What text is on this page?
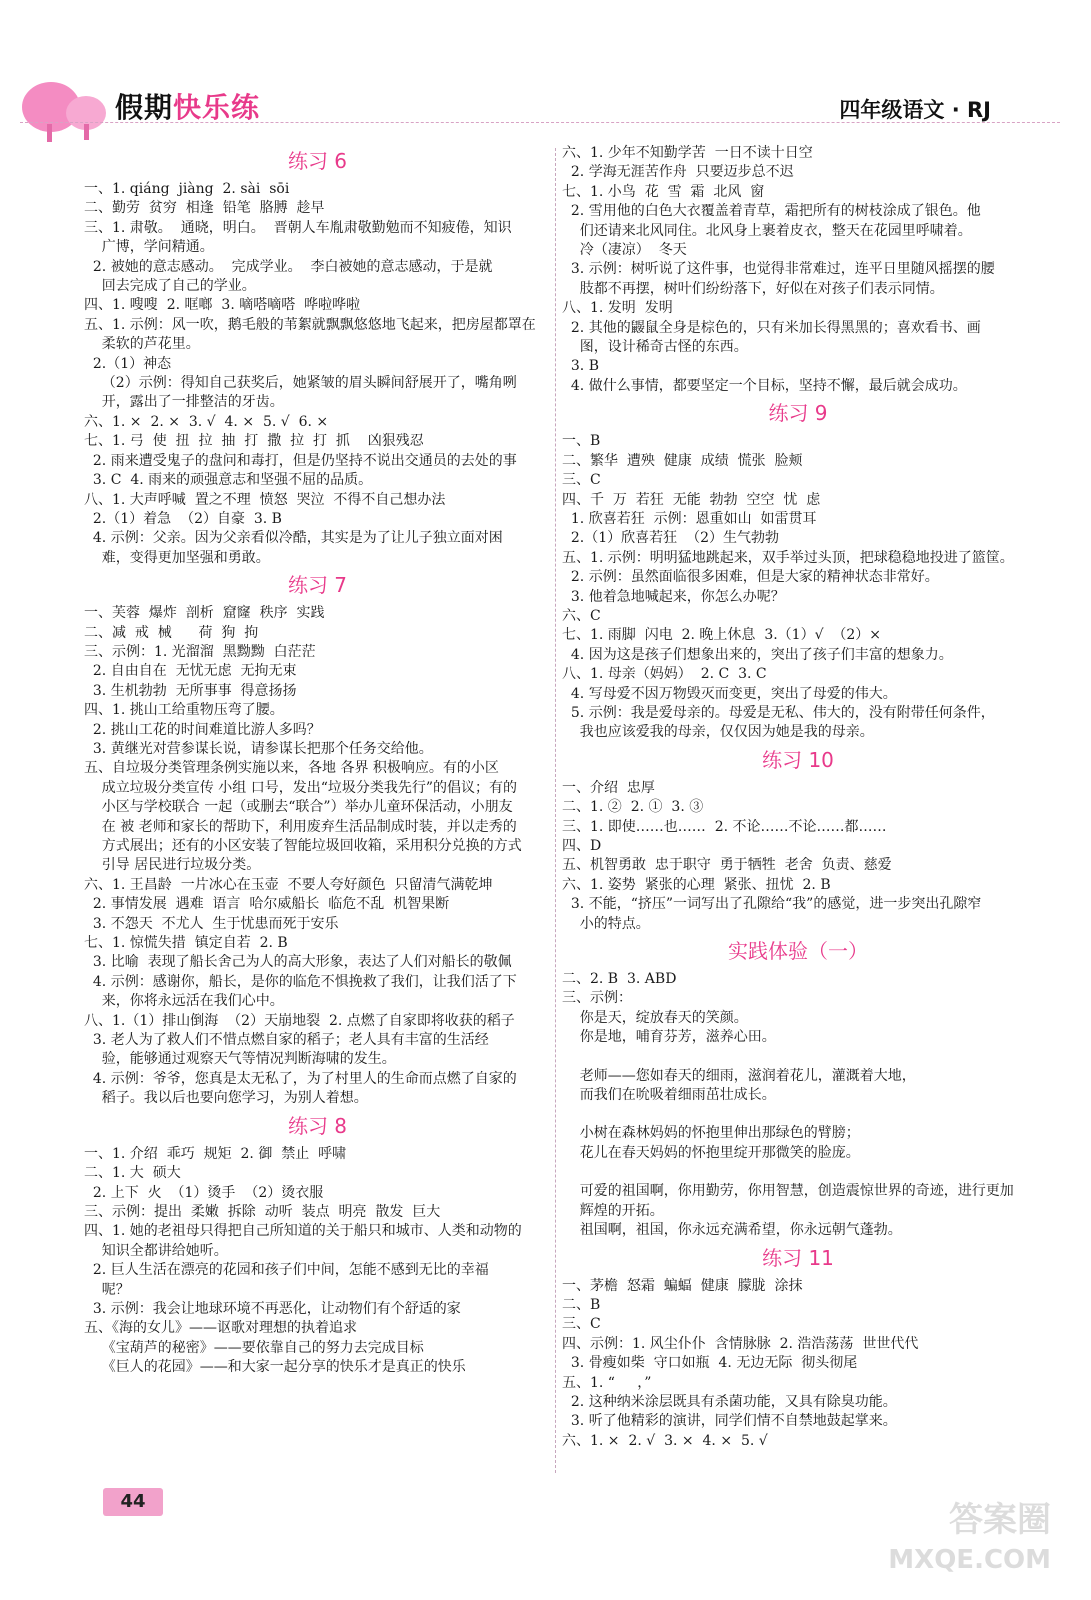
假期快乐练	四年级语文 · RJ
练习 6
一、1. qiáng  jiàng  2. sài  sōi
二、勤劳  贫穷  相逢  铅笔  胳膊  趁早
三、1. 肃敬。  通晓，明白。  晋朝人车胤肃敬勤勉而不知疲倦，知识
广博，学问精通。
2. 被她的意志感动。  完成学业。  李白被她的意志感动，于是就
回去完成了自己的学业。
四、1. 嗖嗖  2. 哐啷  3. 嘀嗒嘀嗒  哗啦哗啦
五、1. 示例：风一吹，鹅毛般的苇絮就飘飘悠悠地飞起来，把房屋都罩在
柔软的芦花里。
2.（1）神态
（2）示例：得知自己获奖后，她紧皱的眉头瞬间舒展开了，嘴角咧
开，露出了一排整洁的牙齿。
六、1. ×  2. ×  3. √  4. ×  5. √  6. ×
七、1. 弓  使  扭  拉  抽  打  撒  拉  打  抓    凶狠残忍
2. 雨来遭受鬼子的盘问和毒打，但是仍坚持不说出交通员的去处的事
3. C  4. 雨来的顽强意志和坚强不屈的品质。
八、1. 大声呼喊  置之不理  愤怒  哭泣  不得不自己想办法
2.（1）着急  （2）自豪  3. B
4. 示例：父亲。因为父亲看似冷酷，其实是为了让儿子独立面对困
难，变得更加坚强和勇敢。
练习 7
一、芙蓉  爆炸  剖析  窟窿  秩序  实践
二、减  戒  械      荷  狗  拘
三、示例：1. 光溜溜  黑黝黝  白茫茫
2. 自由自在  无忧无虑  无拘无束
3. 生机勃勃  无所事事  得意扬扬
四、1. 挑山工给重物压弯了腰。
2. 挑山工花的时间难道比游人多吗？
3. 黄继光对营参谋长说，请参谋长把那个任务交给他。
五、自垃圾分类管理条例实施以来，各地 各界 积极响应。有的小区
成立垃圾分类宣传 小组 口号，发出“垃圾分类我先行”的倡议；有的
小区与学校联合 一起（或删去“联合”）举办儿童环保活动，小朋友
在 被 老师和家长的帮助下，利用废弃生活品制成时装，并以走秀的
方式展出；还有的小区安装了智能垃圾回收箱，采用积分兑换的方式
引导 居民进行垃圾分类。
六、1. 王昌龄  一片冰心在玉壶  不要人夸好颜色  只留清气满乾坤
2. 事情发展  遇难  语言  哈尔威船长  临危不乱  机智果断
3. 不怨天  不尤人  生于忧患而死于安乐
七、1. 惊慌失措  镇定自若  2. B
3. 比喻  表现了船长舍己为人的高大形象，表达了人们对船长的敬佩
4. 示例：感谢你，船长，是你的临危不惧挽救了我们，让我们活了下
来，你将永远活在我们心中。
八、1.（1）排山倒海  （2）天崩地裂  2. 点燃了自家即将收获的稻子
3. 老人为了救人们不惜点燃自家的稻子；老人具有丰富的生活经
验，能够通过观察天气等情况判断海啸的发生。
4. 示例：爷爷，您真是太无私了，为了村里人的生命而点燃了自家的
稻子。我以后也要向您学习，为别人着想。
练习 8
一、1. 介绍  乖巧  规矩  2. 御  禁止  呼啸
二、1. 大  硕大
2. 上下  火  （1）烫手  （2）烫衣服
三、示例：提出  柔嫩  拆除  动听  装点  明亮  散发  巨大
四、1. 她的老祖母只得把自己所知道的关于船只和城市、人类和动物的
知识全都讲给她听。
2. 巨人生活在漂亮的花园和孩子们中间，怎能不感到无比的幸福
呢？
3. 示例：我会让地球环境不再恶化，让动物们有个舒适的家
五、《海的女儿》——讴歌对理想的执着追求
《宝葫芦的秘密》——要依靠自己的努力去完成目标
《巨人的花园》——和大家一起分享的快乐才是真正的快乐
六、1. 少年不知勤学苦  一日不读十日空
2. 学海无涯苦作舟  只要迈步总不迟
七、1. 小鸟  花  雪  霜  北风  窗
2. 雪用他的白色大衣覆盖着青草，霜把所有的树枝涂成了银色。他
们还请来北风同住。北风身上裹着皮衣，整天在花园里呼啸着。
冷（凄凉）  冬天
3. 示例：树听说了这件事，也觉得非常难过，连平日里随风摇摆的腰
肢都不再摆，树叶们纷纷落下，好似在对孩子们表示同情。
八、1. 发明  发明
2. 其他的鼹鼠全身是棕色的，只有米加长得黑黑的；喜欢看书、画
图，设计稀奇古怪的东西。
3. B
4. 做什么事情，都要坚定一个目标，坚持不懈，最后就会成功。
练习 9
一、B
二、繁华  遭殃  健康  成绩  慌张  脸颊
三、C
四、千  万  若狂  无能  勃勃  空空  忧  虑
1. 欣喜若狂  示例：恩重如山  如雷贯耳
2.（1）欣喜若狂  （2）生气勃勃
五、1. 示例：明明猛地跳起来，双手举过头顶，把球稳稳地投进了篮筐。
2. 示例：虽然面临很多困难，但是大家的精神状态非常好。
3. 他着急地喊起来，你怎么办呢？
六、C
七、1. 雨脚  闪电  2. 晚上休息  3.（1）√  （2）×
4. 因为这是孩子们想象出来的，突出了孩子们丰富的想象力。
八、1. 母亲（妈妈）  2. C  3. C
4. 写母爱不因万物毁灭而变更，突出了母爱的伟大。
5. 示例：我是爱母亲的。母爱是无私、伟大的，没有附带任何条件，
我也应该爱我的母亲，仅仅因为她是我的母亲。
练习 10
一、介绍  忠厚
二、1. ②  2. ①  3. ③
三、1. 即使……也……  2. 不论……不论……都……
四、D
五、机智勇敢  忠于职守  勇于牺牲  老舍  负责、慈爱
六、1. 姿势  紧张的心理  紧张、扭忧  2. B
3. 不能，“挤压”一词写出了孔隙给“我”的感觉，进一步突出孔隙窄
小的特点。
实践体验（一）
二、2. B  3. ABD
三、示例：
你是天，绽放春天的笑颜。
你是地，哺育芬芳，滋养心田。
老师——您如春天的细雨，滋润着花儿，灌溉着大地，
而我们在吮吸着细雨茁壮成长。
小树在森林妈妈的怀抱里伸出那绿色的臂膀；
花儿在春天妈妈的怀抱里绽开那微笑的脸庞。
可爱的祖国啊，你用勤劳，你用智慧，创造震惊世界的奇迹，进行更加
辉煌的开拓。
祖国啊，祖国，你永远充满希望，你永远朝气蓬勃。
练习 11
一、茅檐  怒霜  蝙蝠  健康  朦胧  涂抹
二、B
三、C
四、示例：1. 风尘仆仆  含情脉脉  2. 浩浩荡荡  世世代代
3. 骨瘦如柴  守口如瓶  4. 无边无际  彻头彻尾
五、1. “     ，”
2. 这种纳米涂层既具有杀菌功能，又具有除臭功能。
3. 听了他精彩的演讲，同学们情不自禁地鼓起掌来。
六、1. ×  2. √  3. ×  4. ×  5. √
44	答案圈
MXQE.COM
